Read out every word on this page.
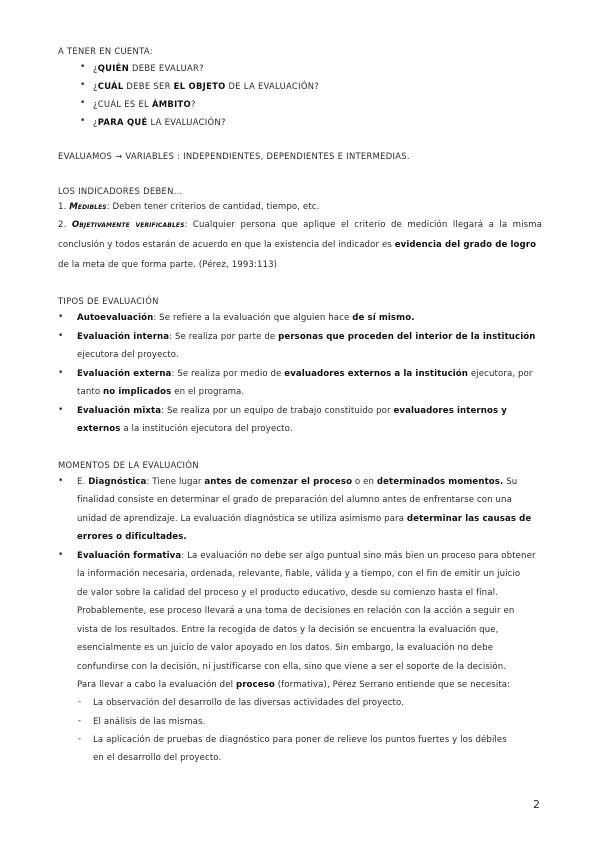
A TENER EN CUENTA:
¿QUIÉN DEBE EVALUAR?
•
¿CUÁL DEBE SER EL OBJETO DE LA EVALUACIÓN?
•
¿CUÁL ES EL ÁMBITO?
•
¿PARA QUÉ LA EVALUACIÓN?
•
EVALUAMOS → VARIABLES : INDEPENDIENTES, DEPENDIENTES E INTERMEDIAS.
LOS INDICADORES DEBEN...
1. Medibles: Deben tener criterios de cantidad, tiempo, etc.
2. Objetivamente verificables: Cualquier persona que aplique el criterio de medición llegará a la misma
conclusión y todos estarán de acuerdo en que la existencia del indicador es evidencia del grado de logro
de la meta de que forma parte. (Pérez, 1993:113)
TIPOS DE EVALUACIÓN
• Autoevaluación: Se refiere a la evaluación que alguien hace de sí mismo.
• Evaluación interna: Se realiza por parte de personas que proceden del interior de la institución
ejecutora del proyecto.
• Evaluación externa: Se realiza por medio de evaluadores externos a la institución ejecutora, por
tanto no implicados en el programa.
• Evaluación mixta: Se realiza por un equipo de trabajo constituido por evaluadores internos y
externos a la institución ejecutora del proyecto.
MOMENTOS DE LA EVALUACIÓN
• E. Diagnóstica: Tiene lugar antes de comenzar el proceso o en determinados momentos. Su
finalidad consiste en determinar el grado de preparación del alumno antes de enfrentarse con una
unidad de aprendizaje. La evaluación diagnóstica se utiliza asimismo para determinar las causas de
errores o dificultades.
• Evaluación formativa: La evaluación no debe ser algo puntual sino más bien un proceso para obtener
la información necesaria, ordenada, relevante, fiable, válida y a tiempo, con el fin de emitir un juicio
de valor sobre la calidad del proceso y el producto educativo, desde su comienzo hasta el final.
Probablemente, ese proceso llevará a una toma de decisiones en relación con la acción a seguir en
vista de los resultados. Entre la recogida de datos y la decisión se encuentra la evaluación que,
esencialmente es un juicio de valor apoyado en los datos. Sin embargo, la evaluación no debe
confundirse con la decisión, ni justificarse con ella, sino que viene a ser el soporte de la decisión.
Para llevar a cabo la evaluación del proceso (formativa), Pérez Serrano entiende que se necesita:
- La observación del desarrollo de las diversas actividades del proyecto.
- El análisis de las mismas.
- La aplicación de pruebas de diagnóstico para poner de relieve los puntos fuertes y los débiles
en el desarrollo del proyecto.
2
